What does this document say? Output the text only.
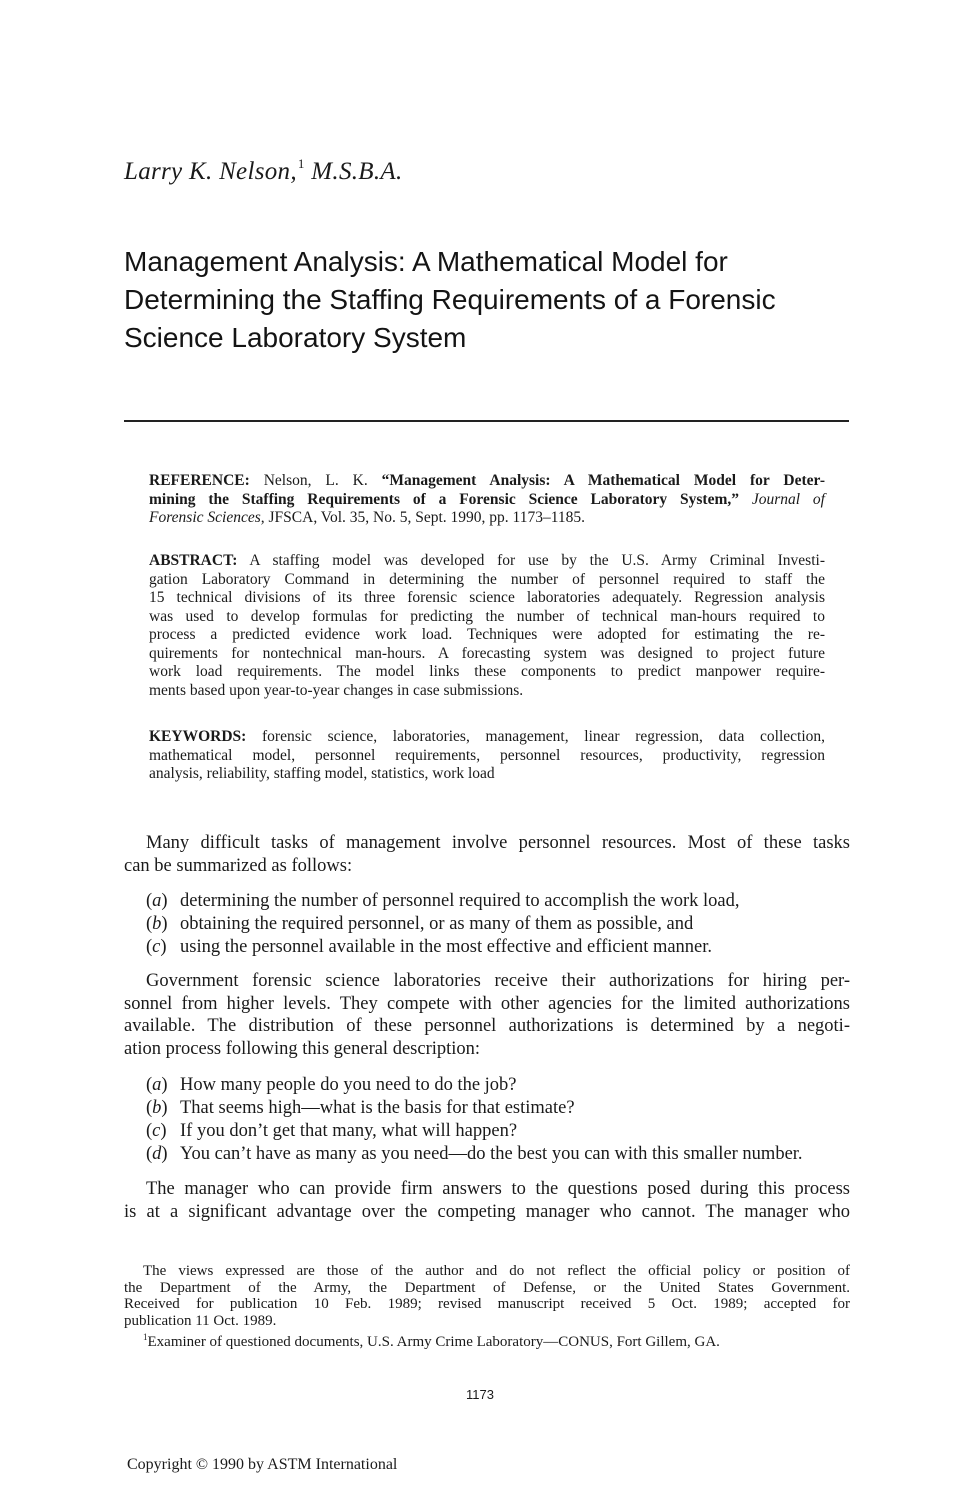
Larry K. Nelson,$^1$ M.S.B.A.
Management Analysis: A Mathematical Model for
Determining the Staffing Requirements of a Forensic
Science Laboratory System
REFERENCE: Nelson, L. K. “Management Analysis: A Mathematical Model for Deter-
mining the Staffing Requirements of a Forensic Science Laboratory System,” Journal of
Forensic Sciences, JFSCA, Vol. 35, No. 5, Sept. 1990, pp. 1173–1185.
ABSTRACT: A staffing model was developed for use by the U.S. Army Criminal Investi-
gation Laboratory Command in determining the number of personnel required to staff the
15 technical divisions of its three forensic science laboratories adequately. Regression analysis
was used to develop formulas for predicting the number of technical man-hours required to
process a predicted evidence work load. Techniques were adopted for estimating the re-
quirements for nontechnical man-hours. A forecasting system was designed to project future
work load requirements. The model links these components to predict manpower require-
ments based upon year-to-year changes in case submissions.
KEYWORDS: forensic science, laboratories, management, linear regression, data collection,
mathematical model, personnel requirements, personnel resources, productivity, regression
analysis, reliability, staffing model, statistics, work load
Many difficult tasks of management involve personnel resources. Most of these tasks
can be summarized as follows:
(a) determining the number of personnel required to accomplish the work load,
(b) obtaining the required personnel, or as many of them as possible, and
(c) using the personnel available in the most effective and efficient manner.
Government forensic science laboratories receive their authorizations for hiring per-
sonnel from higher levels. They compete with other agencies for the limited authorizations
available. The distribution of these personnel authorizations is determined by a negoti-
ation process following this general description:
(a) How many people do you need to do the job?
(b) That seems high—what is the basis for that estimate?
(c) If you don’t get that many, what will happen?
(d) You can’t have as many as you need—do the best you can with this smaller number.
The manager who can provide firm answers to the questions posed during this process
is at a significant advantage over the competing manager who cannot. The manager who
The views expressed are those of the author and do not reflect the official policy or position of
the Department of the Army, the Department of Defense, or the United States Government.
Received for publication 10 Feb. 1989; revised manuscript received 5 Oct. 1989; accepted for
publication 11 Oct. 1989.
$^1$Examiner of questioned documents, U.S. Army Crime Laboratory—CONUS, Fort Gillem, GA.
1173
Copyright © 1990 by ASTM International
